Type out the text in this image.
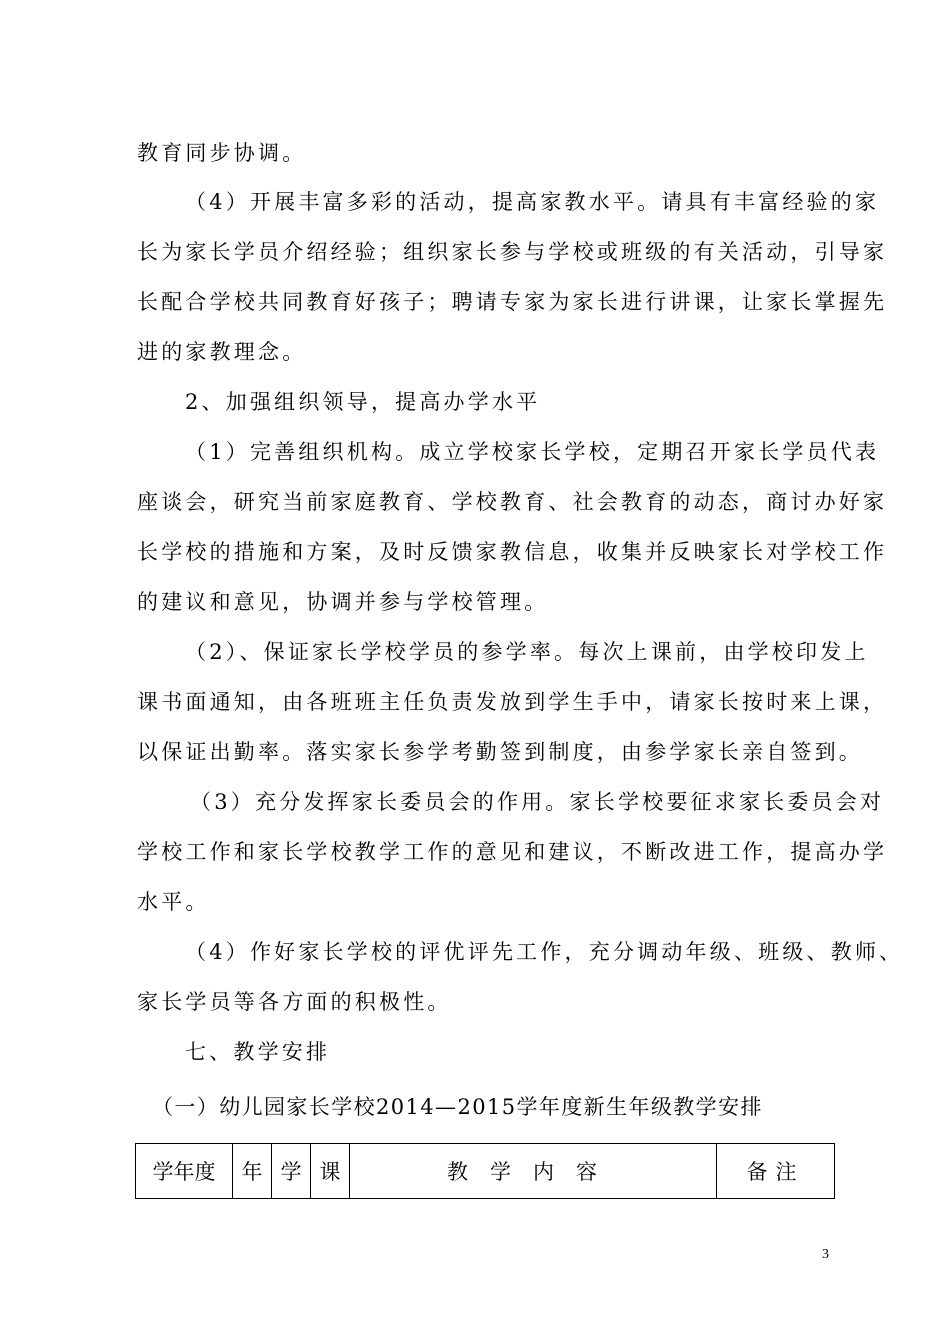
教育同步协调。
（4）开展丰富多彩的活动，提高家教水平。请具有丰富经验的家
长为家长学员介绍经验；组织家长参与学校或班级的有关活动，引导家
长配合学校共同教育好孩子；聘请专家为家长进行讲课，让家长掌握先
进的家教理念。
2、加强组织领导，提高办学水平
（1）完善组织机构。成立学校家长学校，定期召开家长学员代表
座谈会，研究当前家庭教育、学校教育、社会教育的动态，商讨办好家
长学校的措施和方案，及时反馈家教信息，收集并反映家长对学校工作
的建议和意见，协调并参与学校管理。
（2）、保证家长学校学员的参学率。每次上课前，由学校印发上
课书面通知，由各班班主任负责发放到学生手中，请家长按时来上课，
以保证出勤率。落实家长参学考勤签到制度，由参学家长亲自签到。
（3）充分发挥家长委员会的作用。家长学校要征求家长委员会对
学校工作和家长学校教学工作的意见和建议，不断改进工作，提高办学
水平。
（4）作好家长学校的评优评先工作，充分调动年级、班级、教师、
家长学员等各方面的积极性。
七、教学安排
（一）幼儿园家长学校2014—2015学年度新生年级教学安排
学年度	年	学	课	教学内容	备注
3
